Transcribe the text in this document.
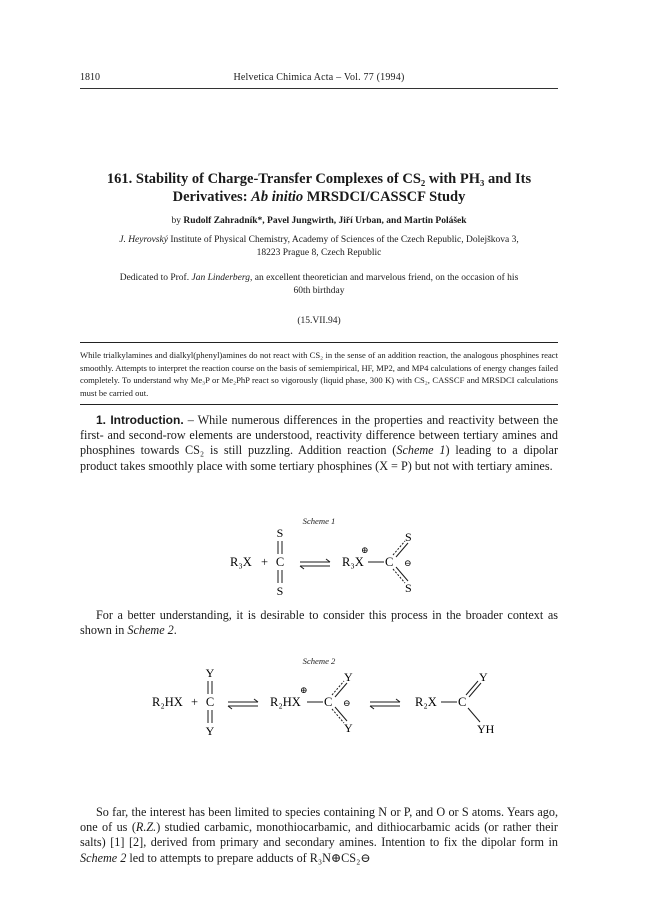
1810	Helvetica Chimica Acta – Vol. 77 (1994)
161. Stability of Charge-Transfer Complexes of CS₂ with PH₃ and Its
Derivatives: Ab initio MRSDCI/CASSCF Study
by Rudolf Zahradník*, Pavel Jungwirth, Jiří Urban, and Martin Polášek
J. Heyrovský Institute of Physical Chemistry, Academy of Sciences of the Czech Republic, Dolejškova 3,
18223 Prague 8, Czech Republic
Dedicated to Prof. Jan Linderberg, an excellent theoretician and marvelous friend, on the occasion of his
60th birthday
(15.VII.94)
While trialkylamines and dialkyl(phenyl)amines do not react with CS₂ in the sense of an addition reaction, the analogous phosphines react smoothly. Attempts to interpret the reaction course on the basis of semiempirical, HF, MP2, and MP4 calculations of energy changes failed completely. To understand why Me₃P or Me₂PhP react so vigorously (liquid phase, 300 K) with CS₂, CASSCF and MRSDCI calculations must be carried out.
1. Introduction. – While numerous differences in the properties and reactivity between the first- and second-row elements are understood, reactivity difference between tertiary amines and phosphines towards CS₂ is still puzzling. Addition reaction (Scheme 1) leading to a dipolar product takes smoothly place with some tertiary phosphines (X = P) but not with tertiary amines.
Scheme 1
R₃X +
S
C
S
R₃X
⊕
C
S
⊖
S
For a better understanding, it is desirable to consider this process in the broader context as shown in Scheme 2.
Scheme 2
R₂HX +
Y
C
Y
R₂HX
⊕
C
Y
⊖
Y
R₂X C
Y
YH
So far, the interest has been limited to species containing N or P, and O or S atoms. Years ago, one of us (R.Z.) studied carbamic, monothiocarbamic, and dithiocarbamic acids (or rather their salts) [1] [2], derived from primary and secondary amines. Intention to fix the dipolar form in Scheme 2 led to attempts to prepare adducts of R₃N⊕CS₂⊖
